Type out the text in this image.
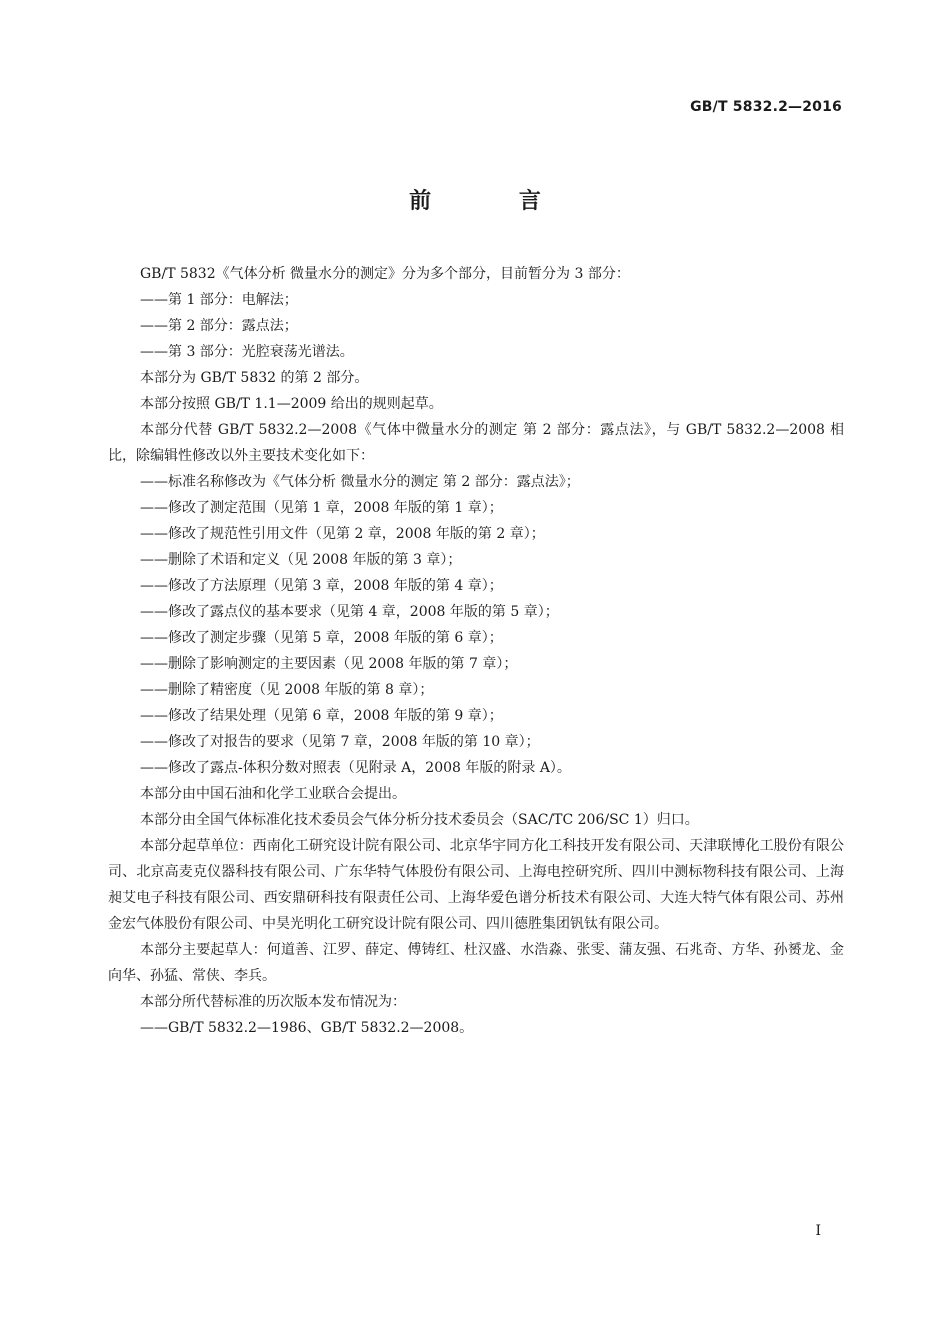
GB/T 5832.2—2016
前 言

GB/T 5832《气体分析 微量水分的测定》分为多个部分，目前暂分为 3 部分：

——第 1 部分：电解法；

——第 2 部分：露点法；

——第 3 部分：光腔衰荡光谱法。

本部分为 GB/T 5832 的第 2 部分。

本部分按照 GB/T 1.1—2009 给出的规则起草。

本部分代替 GB/T 5832.2—2008《气体中微量水分的测定 第 2 部分：露点法》，与 GB/T 5832.2—2008 相比，除编辑性修改以外主要技术变化如下：

——标准名称修改为《气体分析 微量水分的测定 第 2 部分：露点法》；

——修改了测定范围（见第 1 章，2008 年版的第 1 章）；

——修改了规范性引用文件（见第 2 章，2008 年版的第 2 章）；

——删除了术语和定义（见 2008 年版的第 3 章）；

——修改了方法原理（见第 3 章，2008 年版的第 4 章）；

——修改了露点仪的基本要求（见第 4 章，2008 年版的第 5 章）；

——修改了测定步骤（见第 5 章，2008 年版的第 6 章）；

——删除了影响测定的主要因素（见 2008 年版的第 7 章）；

——删除了精密度（见 2008 年版的第 8 章）；

——修改了结果处理（见第 6 章，2008 年版的第 9 章）；

——修改了对报告的要求（见第 7 章，2008 年版的第 10 章）；

——修改了露点-体积分数对照表（见附录 A，2008 年版的附录 A）。

本部分由中国石油和化学工业联合会提出。

本部分由全国气体标准化技术委员会气体分析分技术委员会（SAC/TC 206/SC 1）归口。

本部分起草单位：西南化工研究设计院有限公司、北京华宇同方化工科技开发有限公司、天津联博化工股份有限公司、北京高麦克仪器科技有限公司、广东华特气体股份有限公司、上海电控研究所、四川中测标物科技有限公司、上海昶艾电子科技有限公司、西安鼎研科技有限责任公司、上海华爱色谱分析技术有限公司、大连大特气体有限公司、苏州金宏气体股份有限公司、中昊光明化工研究设计院有限公司、四川德胜集团钒钛有限公司。

本部分主要起草人：何道善、江罗、薛定、傅铸红、杜汉盛、水浩淼、张雯、蒲友强、石兆奇、方华、孙赟龙、金向华、孙猛、常侠、李兵。

本部分所代替标准的历次版本发布情况为：

——GB/T 5832.2—1986、GB/T 5832.2—2008。

I
